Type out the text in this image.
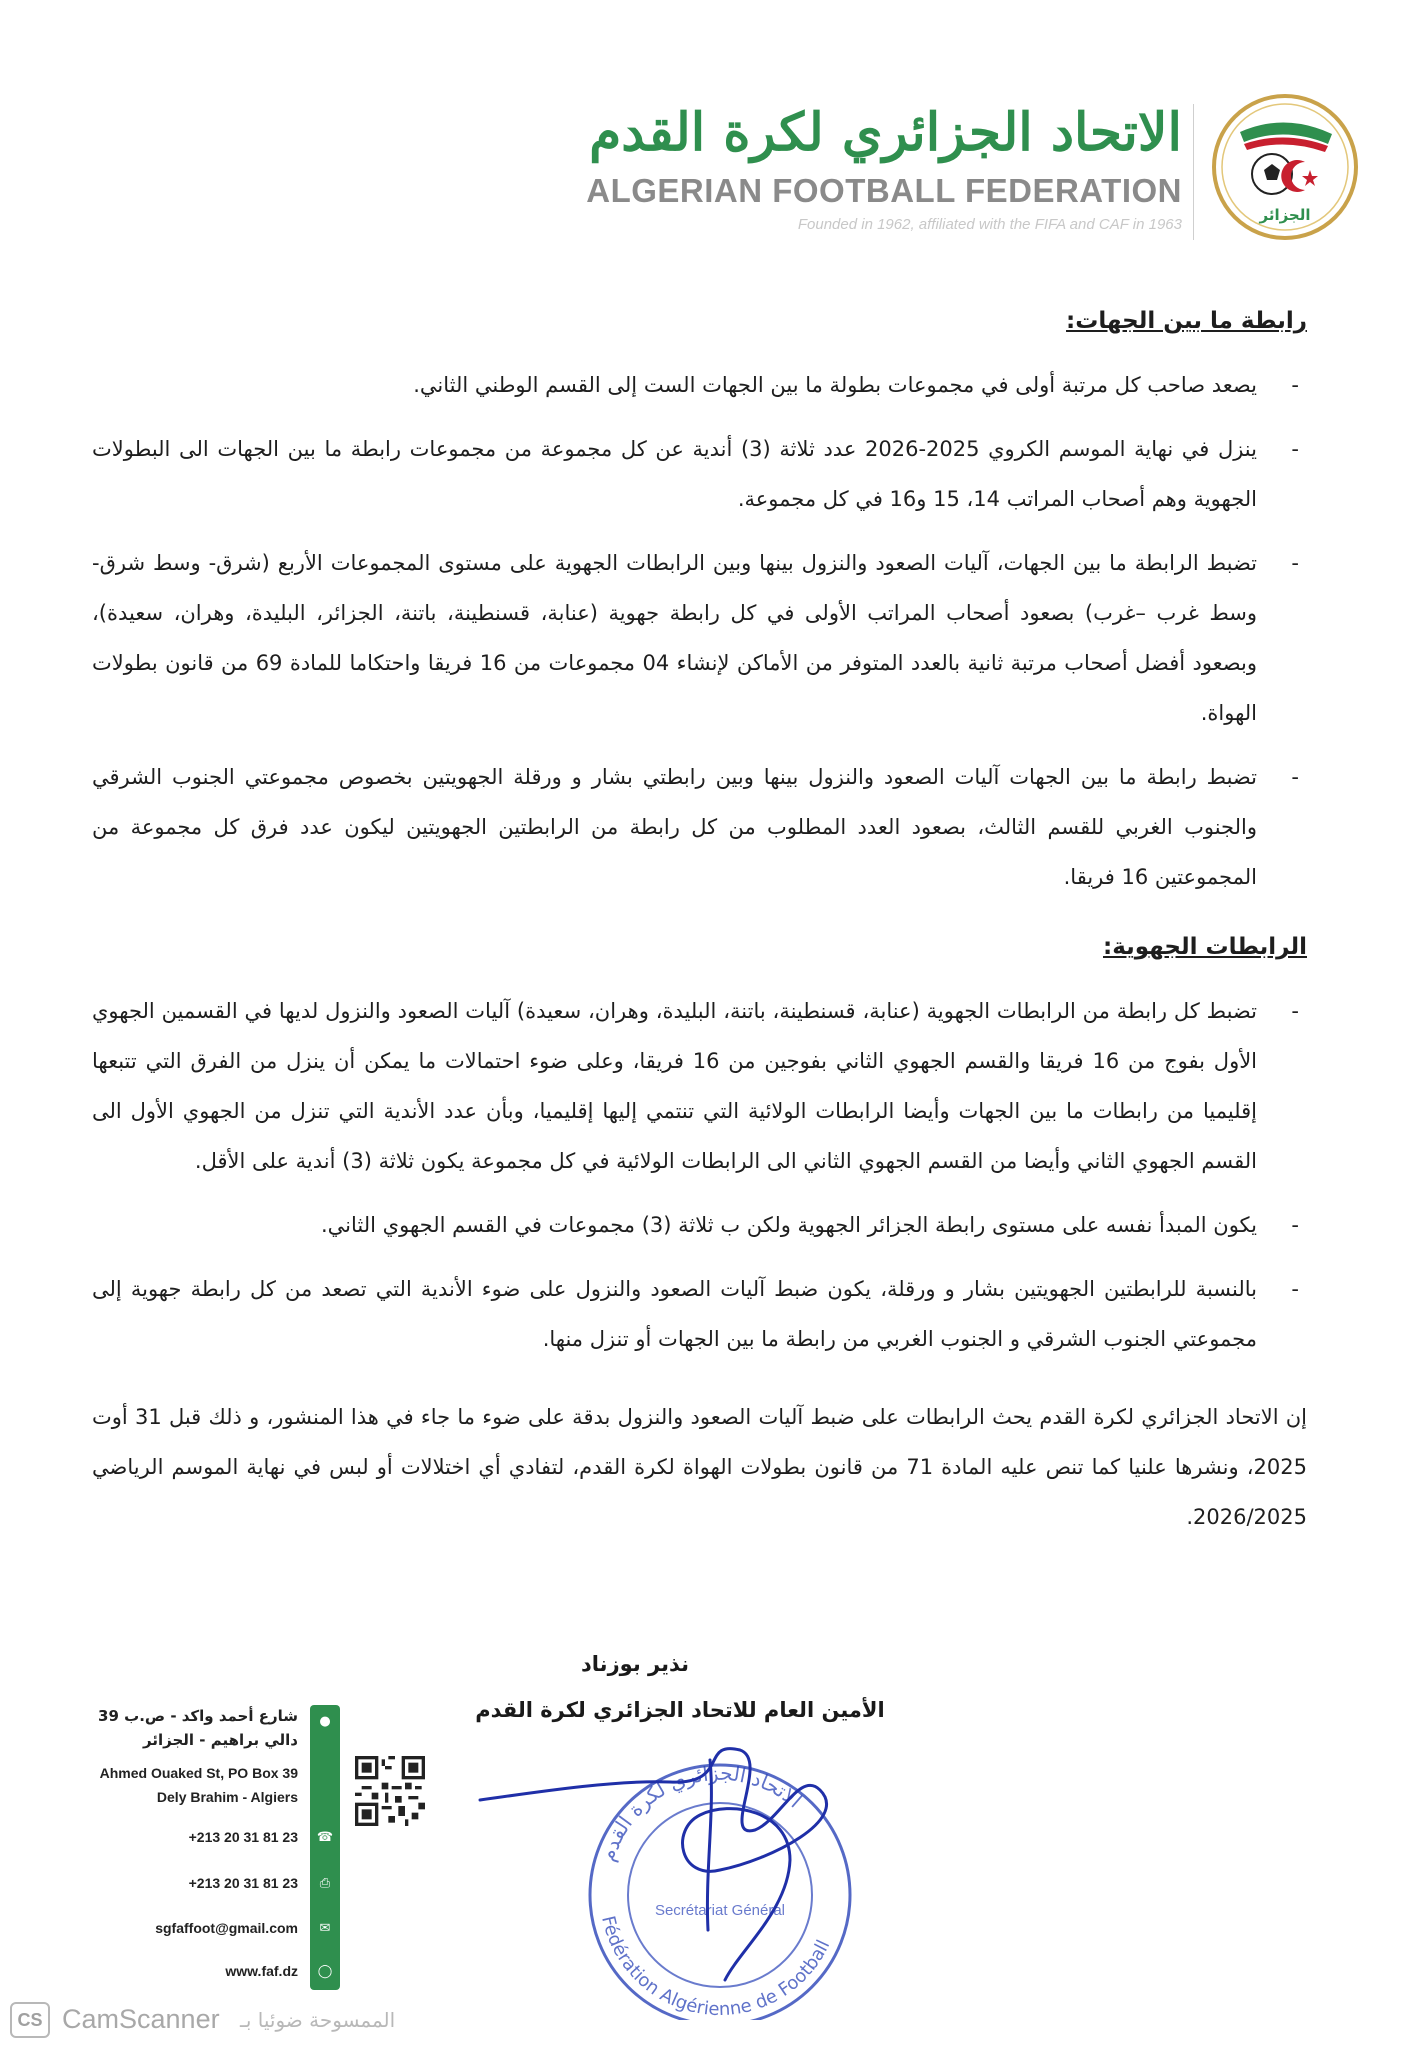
الاتحاد الجزائري لكرة القدم
ALGERIAN FOOTBALL FEDERATION
Founded in 1962, affiliated with the FIFA and CAF in 1963
الجزائر
رابطة ما بين الجهات:
-
يصعد صاحب كل مرتبة أولى في مجموعات بطولة ما بين الجهات الست إلى القسم الوطني الثاني.
-
ينزل في نهاية الموسم الكروي 2025-2026 عدد ثلاثة (3) أندية عن كل مجموعة من مجموعات رابطة ما بين الجهات الى البطولات الجهوية وهم أصحاب المراتب 14، 15 و16 في كل مجموعة.
-
تضبط الرابطة ما بين الجهات، آليات الصعود والنزول بينها وبين الرابطات الجهوية على مستوى المجموعات الأربع (شرق- وسط شرق- وسط غرب –غرب) بصعود أصحاب المراتب الأولى في كل رابطة جهوية (عنابة، قسنطينة، باتنة، الجزائر، البليدة، وهران، سعيدة)، وبصعود أفضل أصحاب مرتبة ثانية بالعدد المتوفر من الأماكن لإنشاء 04 مجموعات من 16 فريقا واحتكاما للمادة 69 من قانون بطولات الهواة.
-
تضبط رابطة ما بين الجهات آليات الصعود والنزول بينها وبين رابطتي بشار و ورقلة الجهويتين بخصوص مجموعتي الجنوب الشرقي والجنوب الغربي للقسم الثالث، بصعود العدد المطلوب من كل رابطة من الرابطتين الجهويتين ليكون عدد فرق كل مجموعة من المجموعتين 16 فريقا.
الرابطات الجهوية:
-
تضبط كل رابطة من الرابطات الجهوية (عنابة، قسنطينة، باتنة، البليدة، وهران، سعيدة) آليات الصعود والنزول لديها في القسمين الجهوي الأول بفوج من 16 فريقا والقسم الجهوي الثاني بفوجين من 16 فريقا، وعلى ضوء احتمالات ما يمكن أن ينزل من الفرق التي تتبعها إقليميا من رابطات ما بين الجهات وأيضا الرابطات الولائية التي تنتمي إليها إقليميا، وبأن عدد الأندية التي تنزل من الجهوي الأول الى القسم الجهوي الثاني وأيضا من القسم الجهوي الثاني الى الرابطات الولائية في كل مجموعة يكون ثلاثة (3) أندية على الأقل.
-
يكون المبدأ نفسه على مستوى رابطة الجزائر الجهوية ولكن ب ثلاثة (3) مجموعات في القسم الجهوي الثاني.
-
بالنسبة للرابطتين الجهويتين بشار و ورقلة، يكون ضبط آليات الصعود والنزول على ضوء الأندية التي تصعد من كل رابطة جهوية إلى مجموعتي الجنوب الشرقي و الجنوب الغربي من رابطة ما بين الجهات أو تنزل منها.
إن الاتحاد الجزائري لكرة القدم يحث الرابطات على ضبط آليات الصعود والنزول بدقة على ضوء ما جاء في هذا المنشور، و ذلك قبل 31 أوت 2025، ونشرها علنيا كما تنص عليه المادة 71 من قانون بطولات الهواة لكرة القدم، لتفادي أي اختلالات أو لبس في نهاية الموسم الرياضي 2026/2025.
نذير بوزناد
الأمين العام للاتحاد الجزائري لكرة القدم
الاتحاد الجزائري لكرة القدم
Fédération Algérienne de Football
Secrétariat Général
●
☎
⎙
✉
◯
شارع أحمد واكد - ص.ب 39
دالي براهيم - الجزائر
Ahmed Ouaked St, PO Box 39
Dely Brahim - Algiers
+213 20 31 81 23
+213 20 31 81 23
sgfaffoot@gmail.com
www.faf.dz
CS CamScanner الممسوحة ضوئيا بـ
